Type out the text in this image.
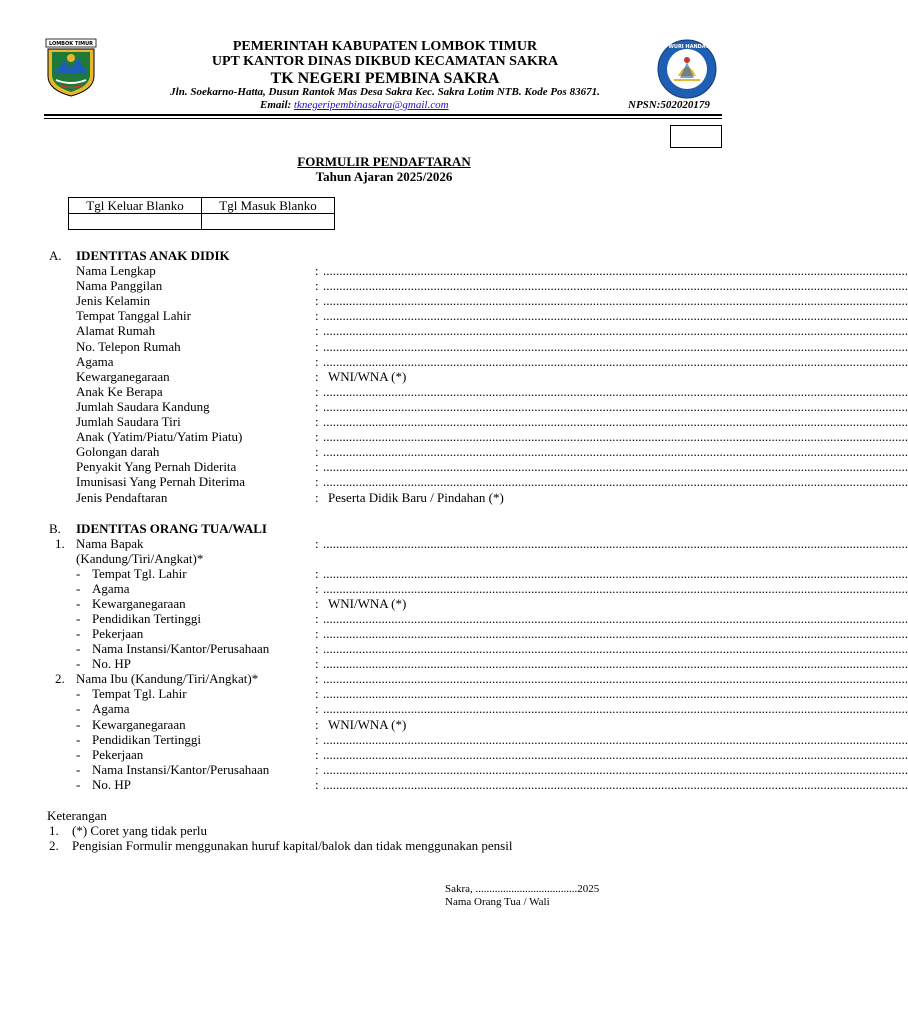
LOMBOK TIMUR	TUT WURI HANDAYANI
PEMERINTAH KABUPATEN LOMBOK TIMUR
UPT KANTOR DINAS DIKBUD KECAMATAN SAKRA
TK NEGERI PEMBINA SAKRA
Jln. Soekarno-Hatta, Dusun Rantok Mas Desa Sakra Kec. Sakra Lotim NTB. Kode Pos 83671.
Email: tknegeripembinasakra@gmail.com	NPSN:502020179
FORMULIR PENDAFTARAN
Tahun Ajaran 2025/2026
Tgl Keluar Blanko	Tgl Masuk Blanko

A. IDENTITAS ANAK DIDIK
Nama Lengkap	: ....................................................................................................................................................................................
Nama Panggilan	: ....................................................................................................................................................................................
Jenis Kelamin	: ....................................................................................................................................................................................
Tempat Tanggal Lahir	: ....................................................................................................................................................................................
Alamat Rumah	: ....................................................................................................................................................................................
No. Telepon Rumah	: ....................................................................................................................................................................................
Agama	: ....................................................................................................................................................................................
Kewarganegaraan	: WNI/WNA (*)
Anak Ke Berapa	: ....................................................................................................................................................................................
Jumlah Saudara Kandung	: ....................................................................................................................................................................................
Jumlah Saudara Tiri	: ....................................................................................................................................................................................
Anak (Yatim/Piatu/Yatim Piatu)	: ....................................................................................................................................................................................
Golongan darah	: ....................................................................................................................................................................................
Penyakit Yang Pernah Diderita	: ....................................................................................................................................................................................
Imunisasi Yang Pernah Diterima	: ....................................................................................................................................................................................
Jenis Pendaftaran	: Peserta Didik Baru / Pindahan (*)
B. IDENTITAS ORANG TUA/WALI
1. Nama Bapak	: ....................................................................................................................................................................................
(Kandung/Tiri/Angkat)*
- Tempat Tgl. Lahir	: ....................................................................................................................................................................................
- Agama	: ....................................................................................................................................................................................
- Kewarganegaraan	: WNI/WNA (*)
- Pendidikan Tertinggi	: ....................................................................................................................................................................................
- Pekerjaan	: ....................................................................................................................................................................................
- Nama Instansi/Kantor/Perusahaan	: ....................................................................................................................................................................................
- No. HP	: ....................................................................................................................................................................................
2. Nama Ibu (Kandung/Tiri/Angkat)*	: ....................................................................................................................................................................................
- Tempat Tgl. Lahir	: ....................................................................................................................................................................................
- Agama	: ....................................................................................................................................................................................
- Kewarganegaraan	: WNI/WNA (*)
- Pendidikan Tertinggi	: ....................................................................................................................................................................................
- Pekerjaan	: ....................................................................................................................................................................................
- Nama Instansi/Kantor/Perusahaan	: ....................................................................................................................................................................................
- No. HP	: ....................................................................................................................................................................................
Keterangan
1. (*) Coret yang tidak perlu
2. Pengisian Formulir menggunakan huruf kapital/balok dan tidak menggunakan pensil
Sakra, .....................................2025
Nama Orang Tua / Wali
